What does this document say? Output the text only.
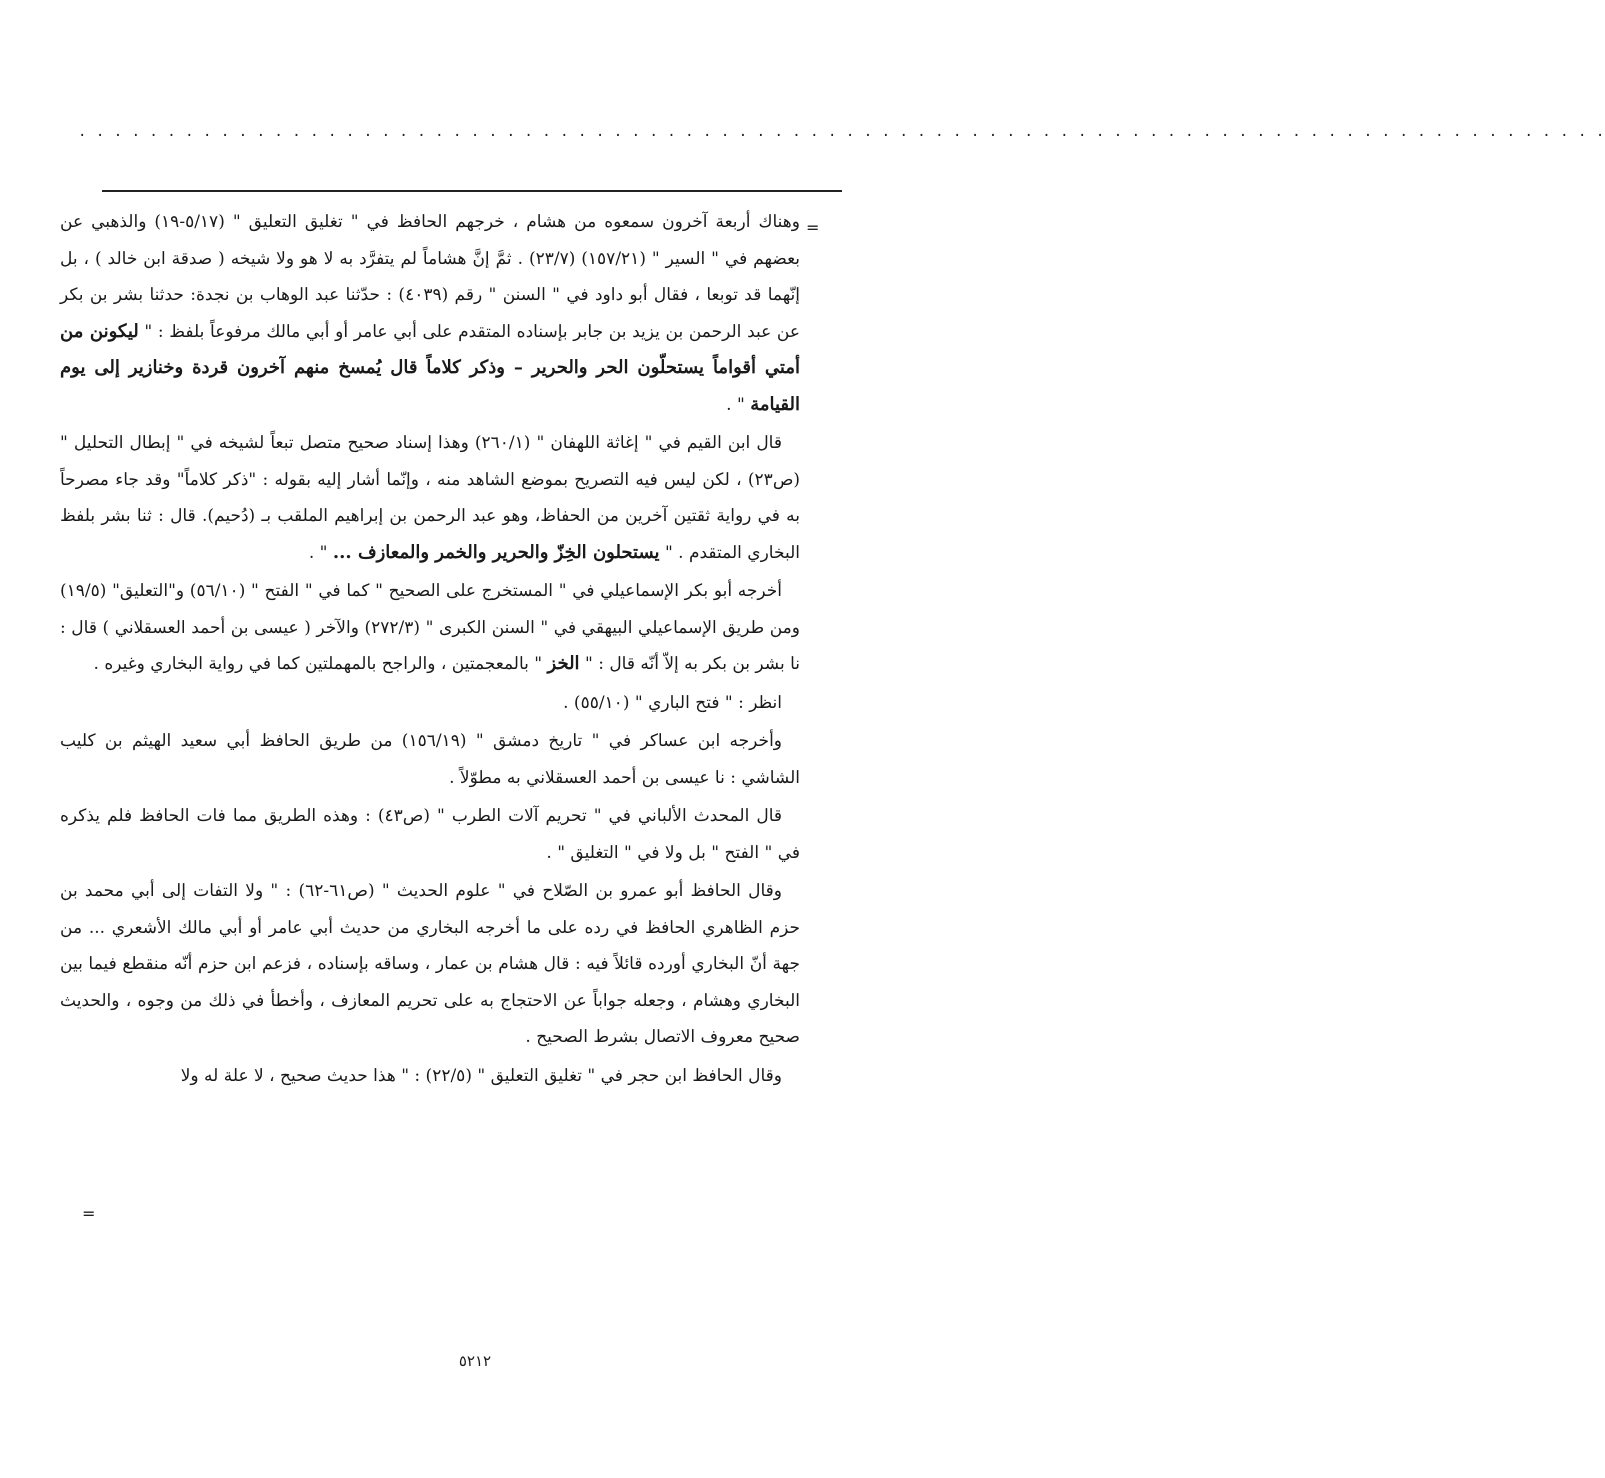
. . . . . . . . . . . . . . . . . . . . . . . . . . . . . . . . . . . . . . . . . . . . . . . . . . . . . . . . . . . . . . . . . . . . . . . . . . . . . . . . . . . . . .
=

وهناك أربعة آخرون سمعوه من هشام ، خرجهم الحافظ في " تغليق التعليق " (٥/١٧-١٩) والذهبي عن بعضهم في " السير " (١٥٧/٢١) (٢٣/٧) . ثمَّ إنَّ هشاماً لم يتفرَّد به لا هو ولا شيخه ( صدقة ابن خالد ) ، بل إنّهما قد توبعا ، فقال أبو داود في " السنن " رقم (٤٠٣٩) : حدّثنا عبد الوهاب بن نجدة: حدثنا بشر بن بكر عن عبد الرحمن بن يزيد بن جابر بإسناده المتقدم على أبي عامر أو أبي مالك مرفوعاً بلفظ : " ليكونن من أمتي أقواماً يستحلّون الحر والحرير – وذكر كلاماً قال يُمسخ منهم آخرون قردة وخنازير إلى يوم القيامة " .

قال ابن القيم في " إغاثة اللهفان " (٢٦٠/١) وهذا إسناد صحيح متصل تبعاً لشيخه في " إبطال التحليل " (ص٢٣) ، لكن ليس فيه التصريح بموضع الشاهد منه ، وإنّما أشار إليه بقوله : "ذكر كلاماً" وقد جاء مصرحاً به في رواية ثقتين آخرين من الحفاظ، وهو عبد الرحمن بن إبراهيم الملقب بـ (دُحيم). قال : ثنا بشر بلفظ البخاري المتقدم . " يستحلون الخِزّ والحرير والخمر والمعازف ... " .

أخرجه أبو بكر الإسماعيلي في " المستخرج على الصحيح " كما في " الفتح " (٥٦/١٠) و"التعليق" (١٩/٥) ومن طريق الإسماعيلي البيهقي في " السنن الكبرى " (٢٧٢/٣) والآخر ( عيسى بن أحمد العسقلاني ) قال : نا بشر بن بكر به إلاّ أنّه قال : " الخز " بالمعجمتين ، والراجح بالمهملتين كما في رواية البخاري وغيره .

انظر : " فتح الباري " (٥٥/١٠) .

وأخرجه ابن عساكر في " تاريخ دمشق " (١٥٦/١٩) من طريق الحافظ أبي سعيد الهيثم بن كليب الشاشي : نا عيسى بن أحمد العسقلاني به مطوّلاً .

قال المحدث الألباني في " تحريم آلات الطرب " (ص٤٣) : وهذه الطريق مما فات الحافظ فلم يذكره في " الفتح " بل ولا في " التغليق " .

وقال الحافظ أبو عمرو بن الصّلاح في " علوم الحديث " (ص٦١-٦٢) : " ولا التفات إلى أبي محمد بن حزم الظاهري الحافظ في رده على ما أخرجه البخاري من حديث أبي عامر أو أبي مالك الأشعري ... من جهة أنّ البخاري أورده قائلاً فيه : قال هشام بن عمار ، وساقه بإسناده ، فزعم ابن حزم أنّه منقطع فيما بين البخاري وهشام ، وجعله جواباً عن الاحتجاج به على تحريم المعازف ، وأخطأ في ذلك من وجوه ، والحديث صحيح معروف الاتصال بشرط الصحيح .

وقال الحافظ ابن حجر في " تغليق التعليق " (٢٢/٥) : " هذا حديث صحيح ، لا علة له ولا

=
٥٢١٢
